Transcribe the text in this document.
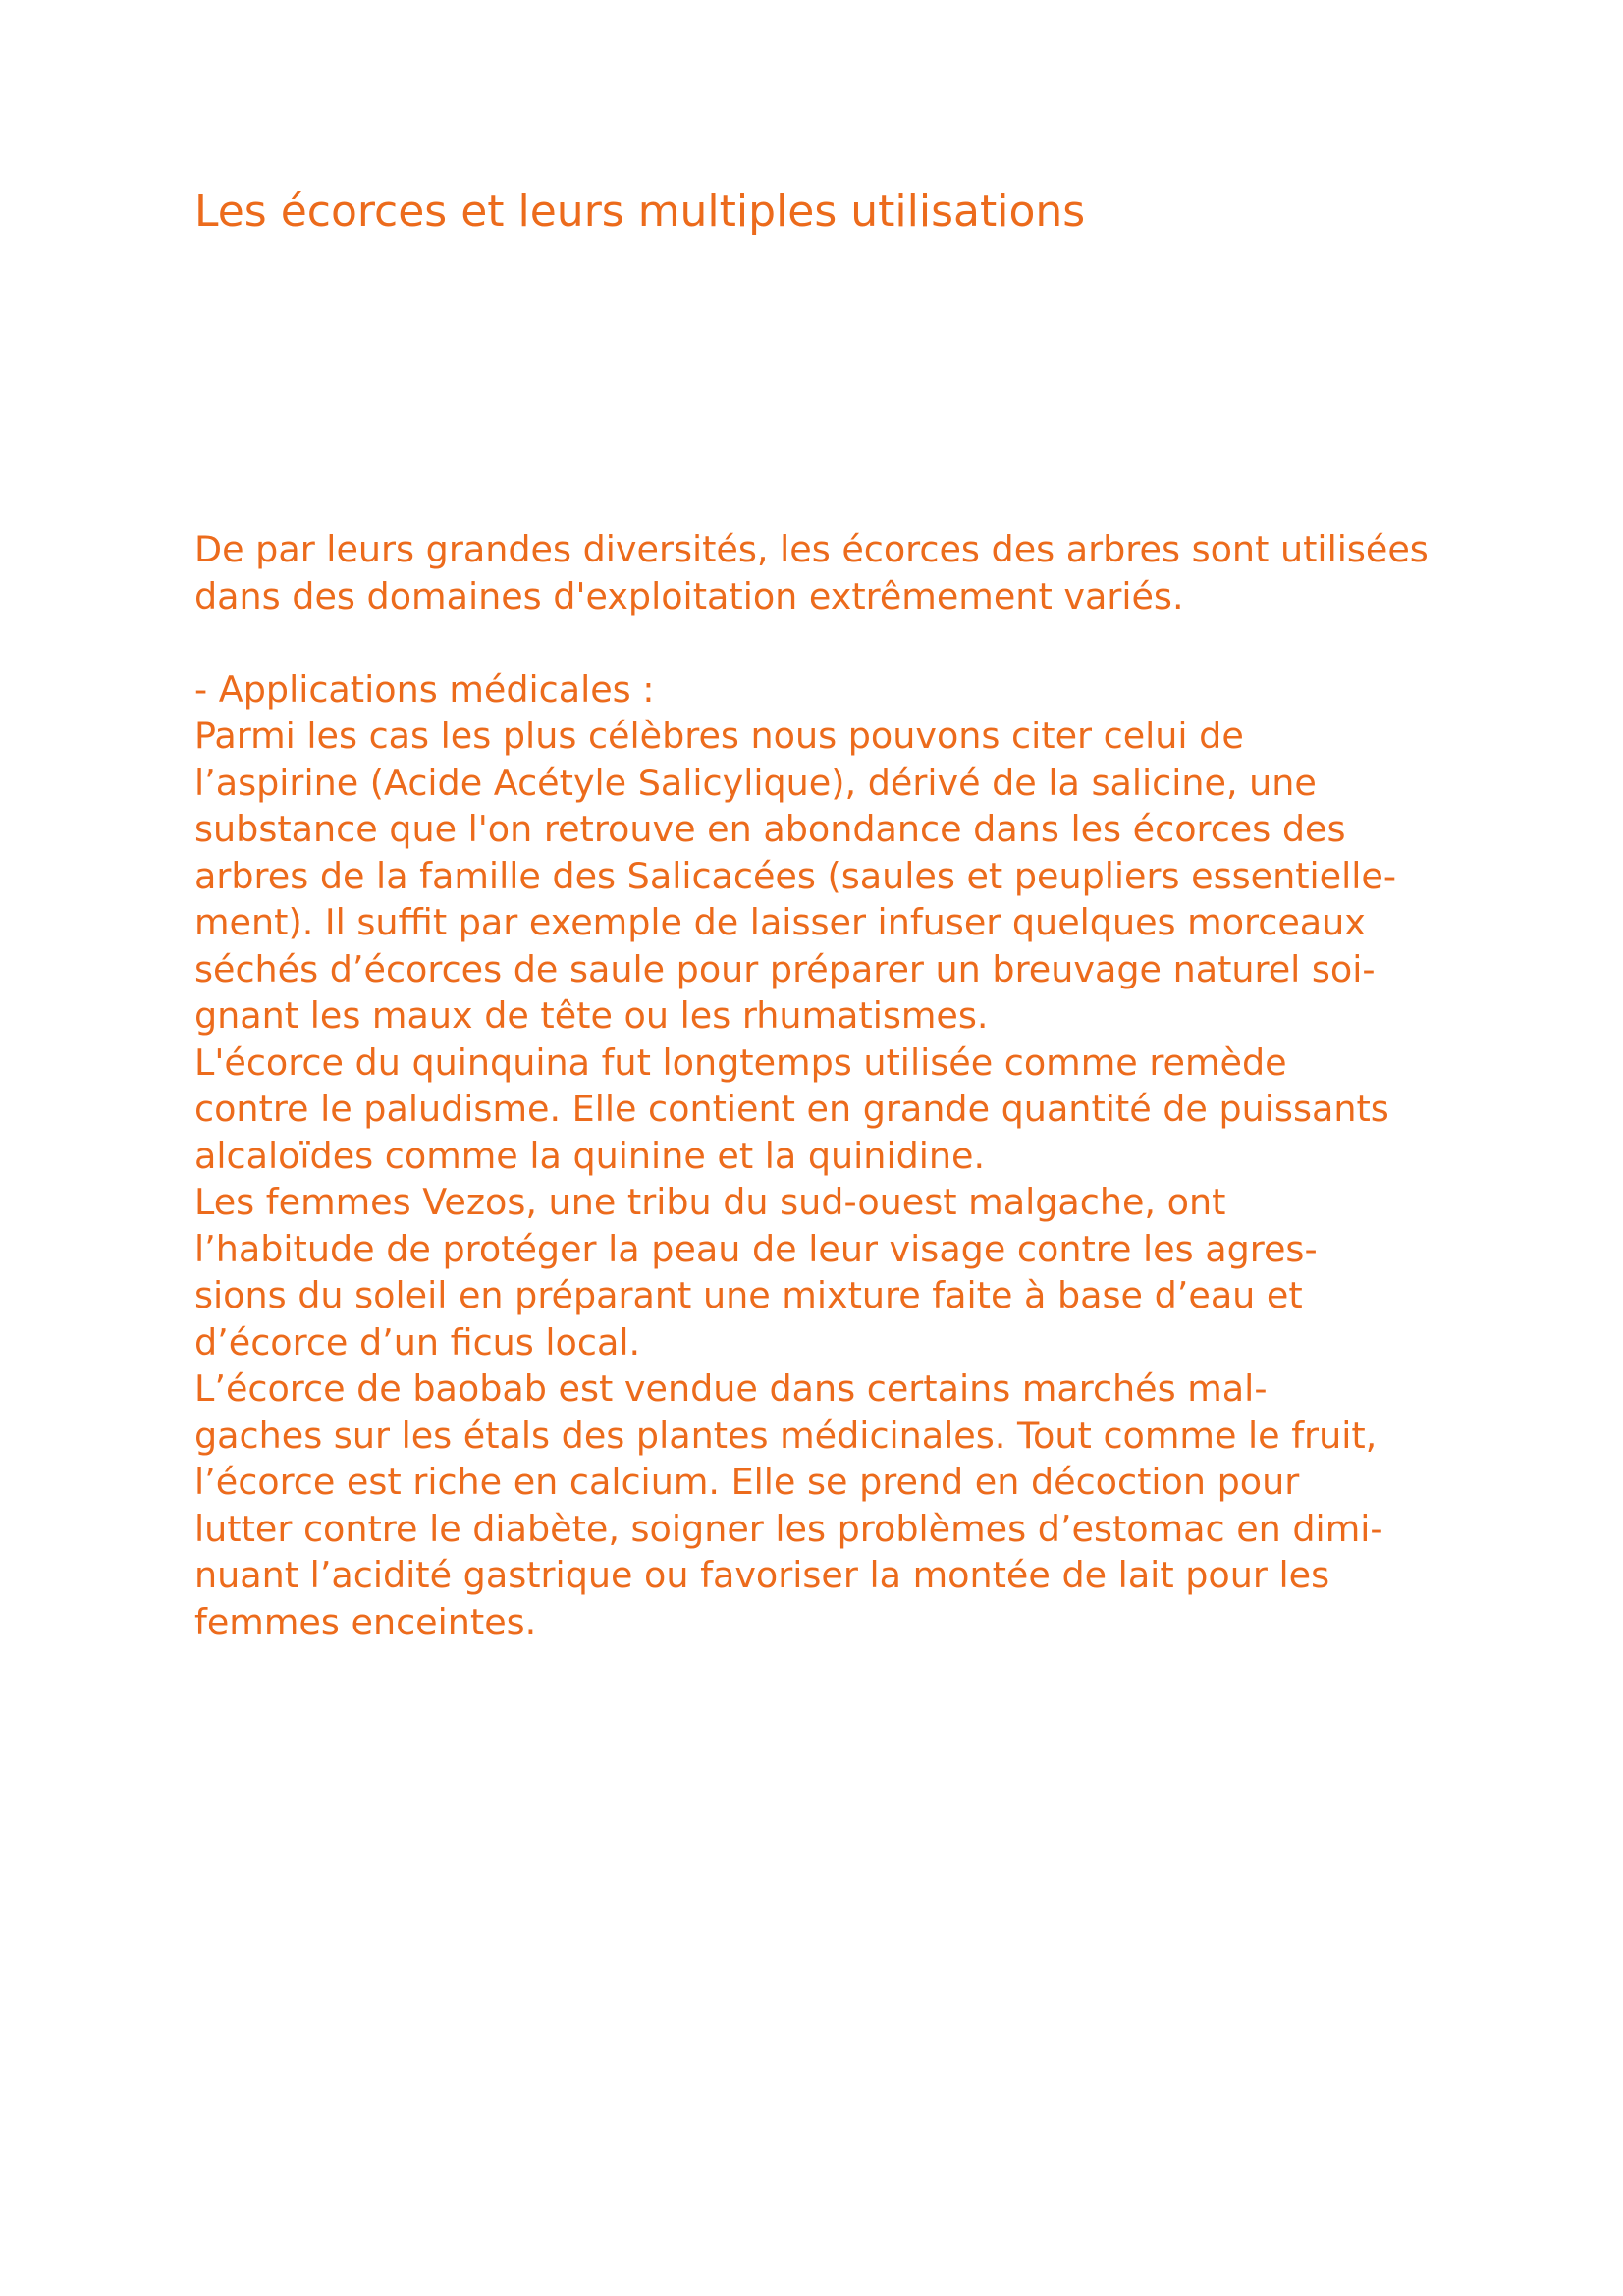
Les écorces et leurs multiples utilisations
De par leurs grandes diversités, les écorces des arbres sont utilisées
dans des domaines d'exploitation extrêmement variés.
- Applications médicales :
Parmi les cas les plus célèbres nous pouvons citer celui de
l’aspirine (Acide Acétyle Salicylique), dérivé de la salicine, une
substance que l'on retrouve en abondance dans les écorces des
arbres de la famille des Salicacées (saules et peupliers essentielle-
ment). Il suffit par exemple de laisser infuser quelques morceaux
séchés d’écorces de saule pour préparer un breuvage naturel soi-
gnant les maux de tête ou les rhumatismes.
L'écorce du quinquina fut longtemps utilisée comme remède
contre le paludisme. Elle contient en grande quantité de puissants
alcaloïdes comme la quinine et la quinidine.
Les femmes Vezos, une tribu du sud-ouest malgache, ont
l’habitude de protéger la peau de leur visage contre les agres-
sions du soleil en préparant une mixture faite à base d’eau et
d’écorce d’un ficus local.
L’écorce de baobab est vendue dans certains marchés mal-
gaches sur les étals des plantes médicinales. Tout comme le fruit,
l’écorce est riche en calcium. Elle se prend en décoction pour
lutter contre le diabète, soigner les problèmes d’estomac en dimi-
nuant l’acidité gastrique ou favoriser la montée de lait pour les
femmes enceintes.
